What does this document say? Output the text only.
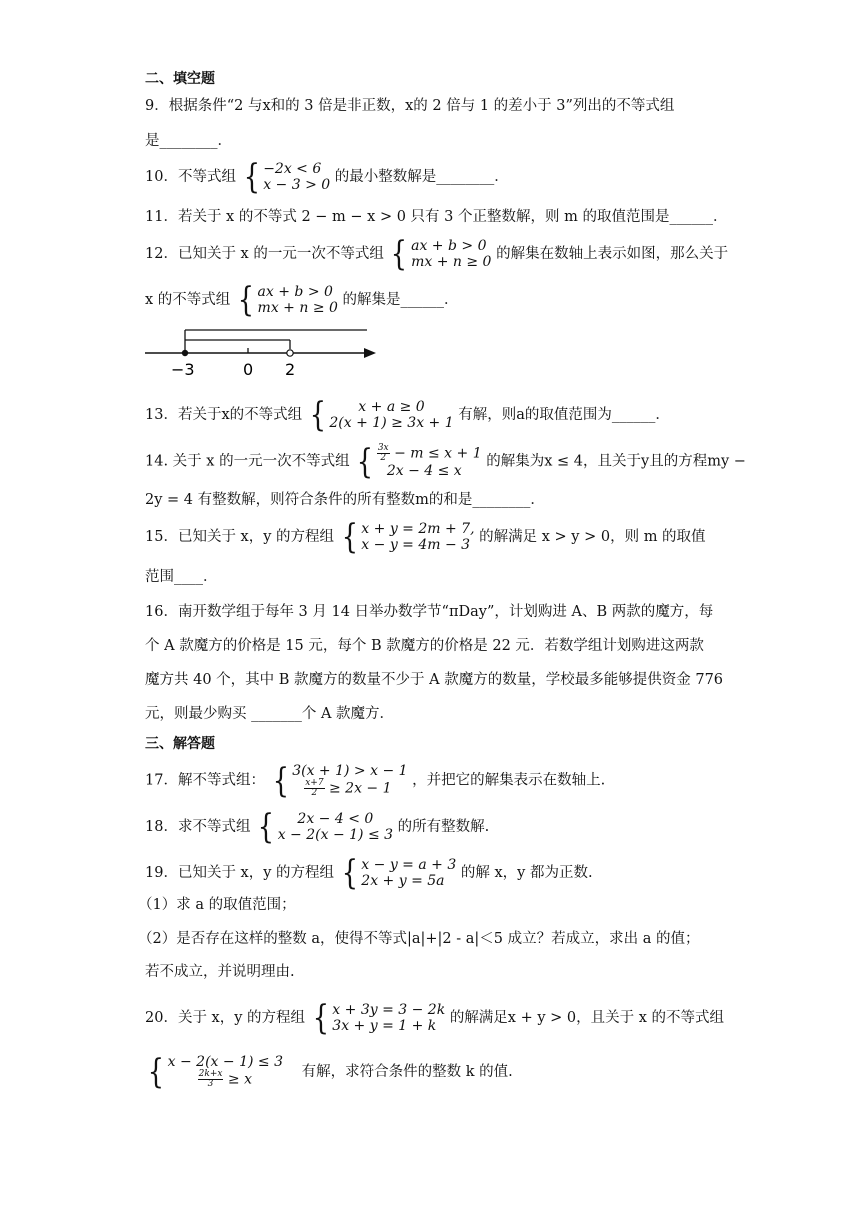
二、填空题
9．根据条件“2 与x和的 3 倍是非正数，x的 2 倍与 1 的差小于 3”列出的不等式组
是________．
10．不等式组 { −2x < 6
x − 3 > 0 的最小整数解是________．
11．若关于 x 的不等式 2 − m − x > 0 只有 3 个正整数解，则 m 的取值范围是______．
12．已知关于 x 的一元一次不等式组 { ax + b > 0
mx + n ≥ 0 的解集在数轴上表示如图，那么关于
x 的不等式组 { ax + b > 0
mx + n ≥ 0 的解集是______．
−3	0 2
13．若关于x的不等式组 { x + a ≥ 0
2(x + 1) ≥ 3x + 1 有解，则a的取值范围为______．
14. 关于 x 的一元一次不等式组 { $\frac{3x}{2} - m \le x + 1$
2x − 4 ≤ x
的解集为x ≤ 4，且关于y且的方程my −
2y = 4 有整数解，则符合条件的所有整数m的和是________．
15．已知关于 x，y 的方程组 { x + y = 2m + 7,
x − y = 4m − 3 的解满足 x > y > 0，则 m 的取值
范围____．
16．南开数学组于每年 3 月 14 日举办数学节“πDay”，计划购进 A、B 两款的魔方，每
个 A 款魔方的价格是 15 元，每个 B 款魔方的价格是 22 元．若数学组计划购进这两款
魔方共 40 个，其中 B 款魔方的数量不少于 A 款魔方的数量，学校最多能够提供资金 776
元，则最少购买 _______个 A 款魔方．
三、解答题
17．解不等式组： { 3(x + 1) > x − 1
$\frac{x+7}{2} \ge 2x - 1$	，并把它的解集表示在数轴上.
18．求不等式组 { 2x − 4 < 0
x − 2(x − 1) ≤ 3 的所有整数解.
19．已知关于 x，y 的方程组 { x − y = a + 3
2x + y = 5a	的解 x，y 都为正数.
（1）求 a 的取值范围；
（2）是否存在这样的整数 a，使得不等式|a|+|2 - a|＜5 成立？若成立，求出 a 的值；
若不成立，并说明理由.
20．关于 x，y 的方程组 { x + 3y = 3 − 2k
3x + y = 1 + k 的解满足x + y > 0，且关于 x 的不等式组
{ x − 2(x − 1) ≤ 3
$\frac{2k+x}{3} \ge x$	有解，求符合条件的整数 k 的值.
